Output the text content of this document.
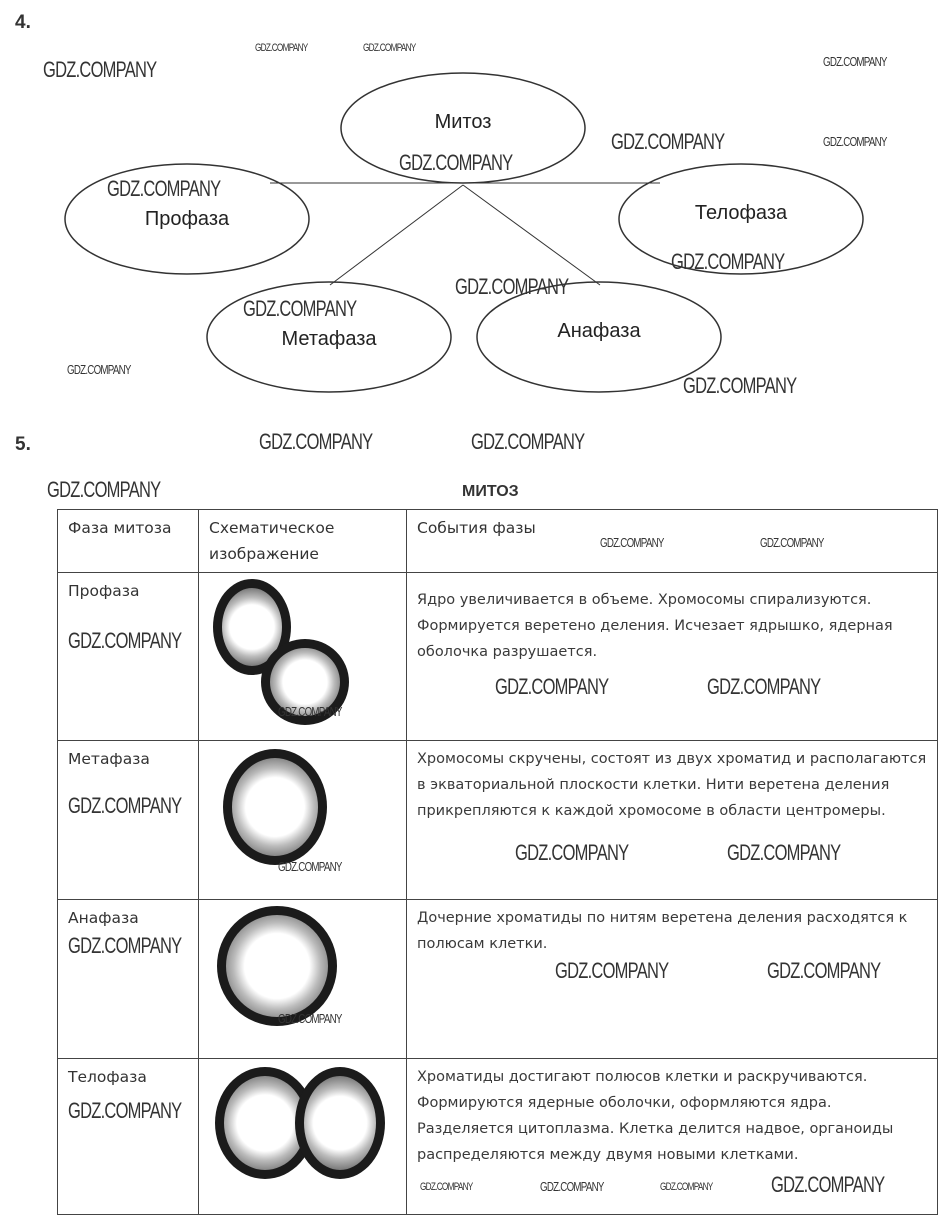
4.
Митоз
Профаза
Метафаза	Анафаза
Телофаза
5.
МИТОЗ
Фаза митоза	Схематическое изображение	События фазы
Профаза		Ядро увеличивается в объеме. Хромосомы спирализуются. Формируется веретено деления. Исчезает ядрышко, ядерная оболочка разрушается.
Метафаза		Хромосомы скручены, состоят из двух хроматид и располагаются в экваториальной плоскости клетки. Нити веретена деления прикрепляются к каждой хромосоме в области центромеры.
Анафаза		Дочерние хроматиды по нитям веретена деления расходятся к полюсам клетки.
Телофаза		Хроматиды достигают полюсов клетки и раскручиваются. Формируются ядерные оболочки, оформляются ядра. Разделяется цитоплазма. Клетка делится надвое, органоиды распределяются между двумя новыми клетками.
GDZ.COMPANY
GDZ.COMPANY	GDZ.COMPANY
GDZ.COMPANY
GDZ.COMPANY
GDZ.COMPANY
GDZ.COMPANY
GDZ.COMPANY
GDZ.COMPANY
GDZ.COMPANY
GDZ.COMPANY
GDZ.COMPANY
GDZ.COMPANY
GDZ.COMPANY	GDZ.COMPANY
GDZ.COMPANY
GDZ.COMPANY	GDZ.COMPANY
GDZ.COMPANY
GDZ.COMPANY	GDZ.COMPANY
GDZ.COMPANY
GDZ.COMPANY
GDZ.COMPANY	GDZ.COMPANY
GDZ.COMPANY
GDZ.COMPANY
GDZ.COMPANY	GDZ.COMPANY
GDZ.COMPANY
GDZ.COMPANY
GDZ.COMPANY	GDZ.COMPANY	GDZ.COMPANY	GDZ.COMPANY
